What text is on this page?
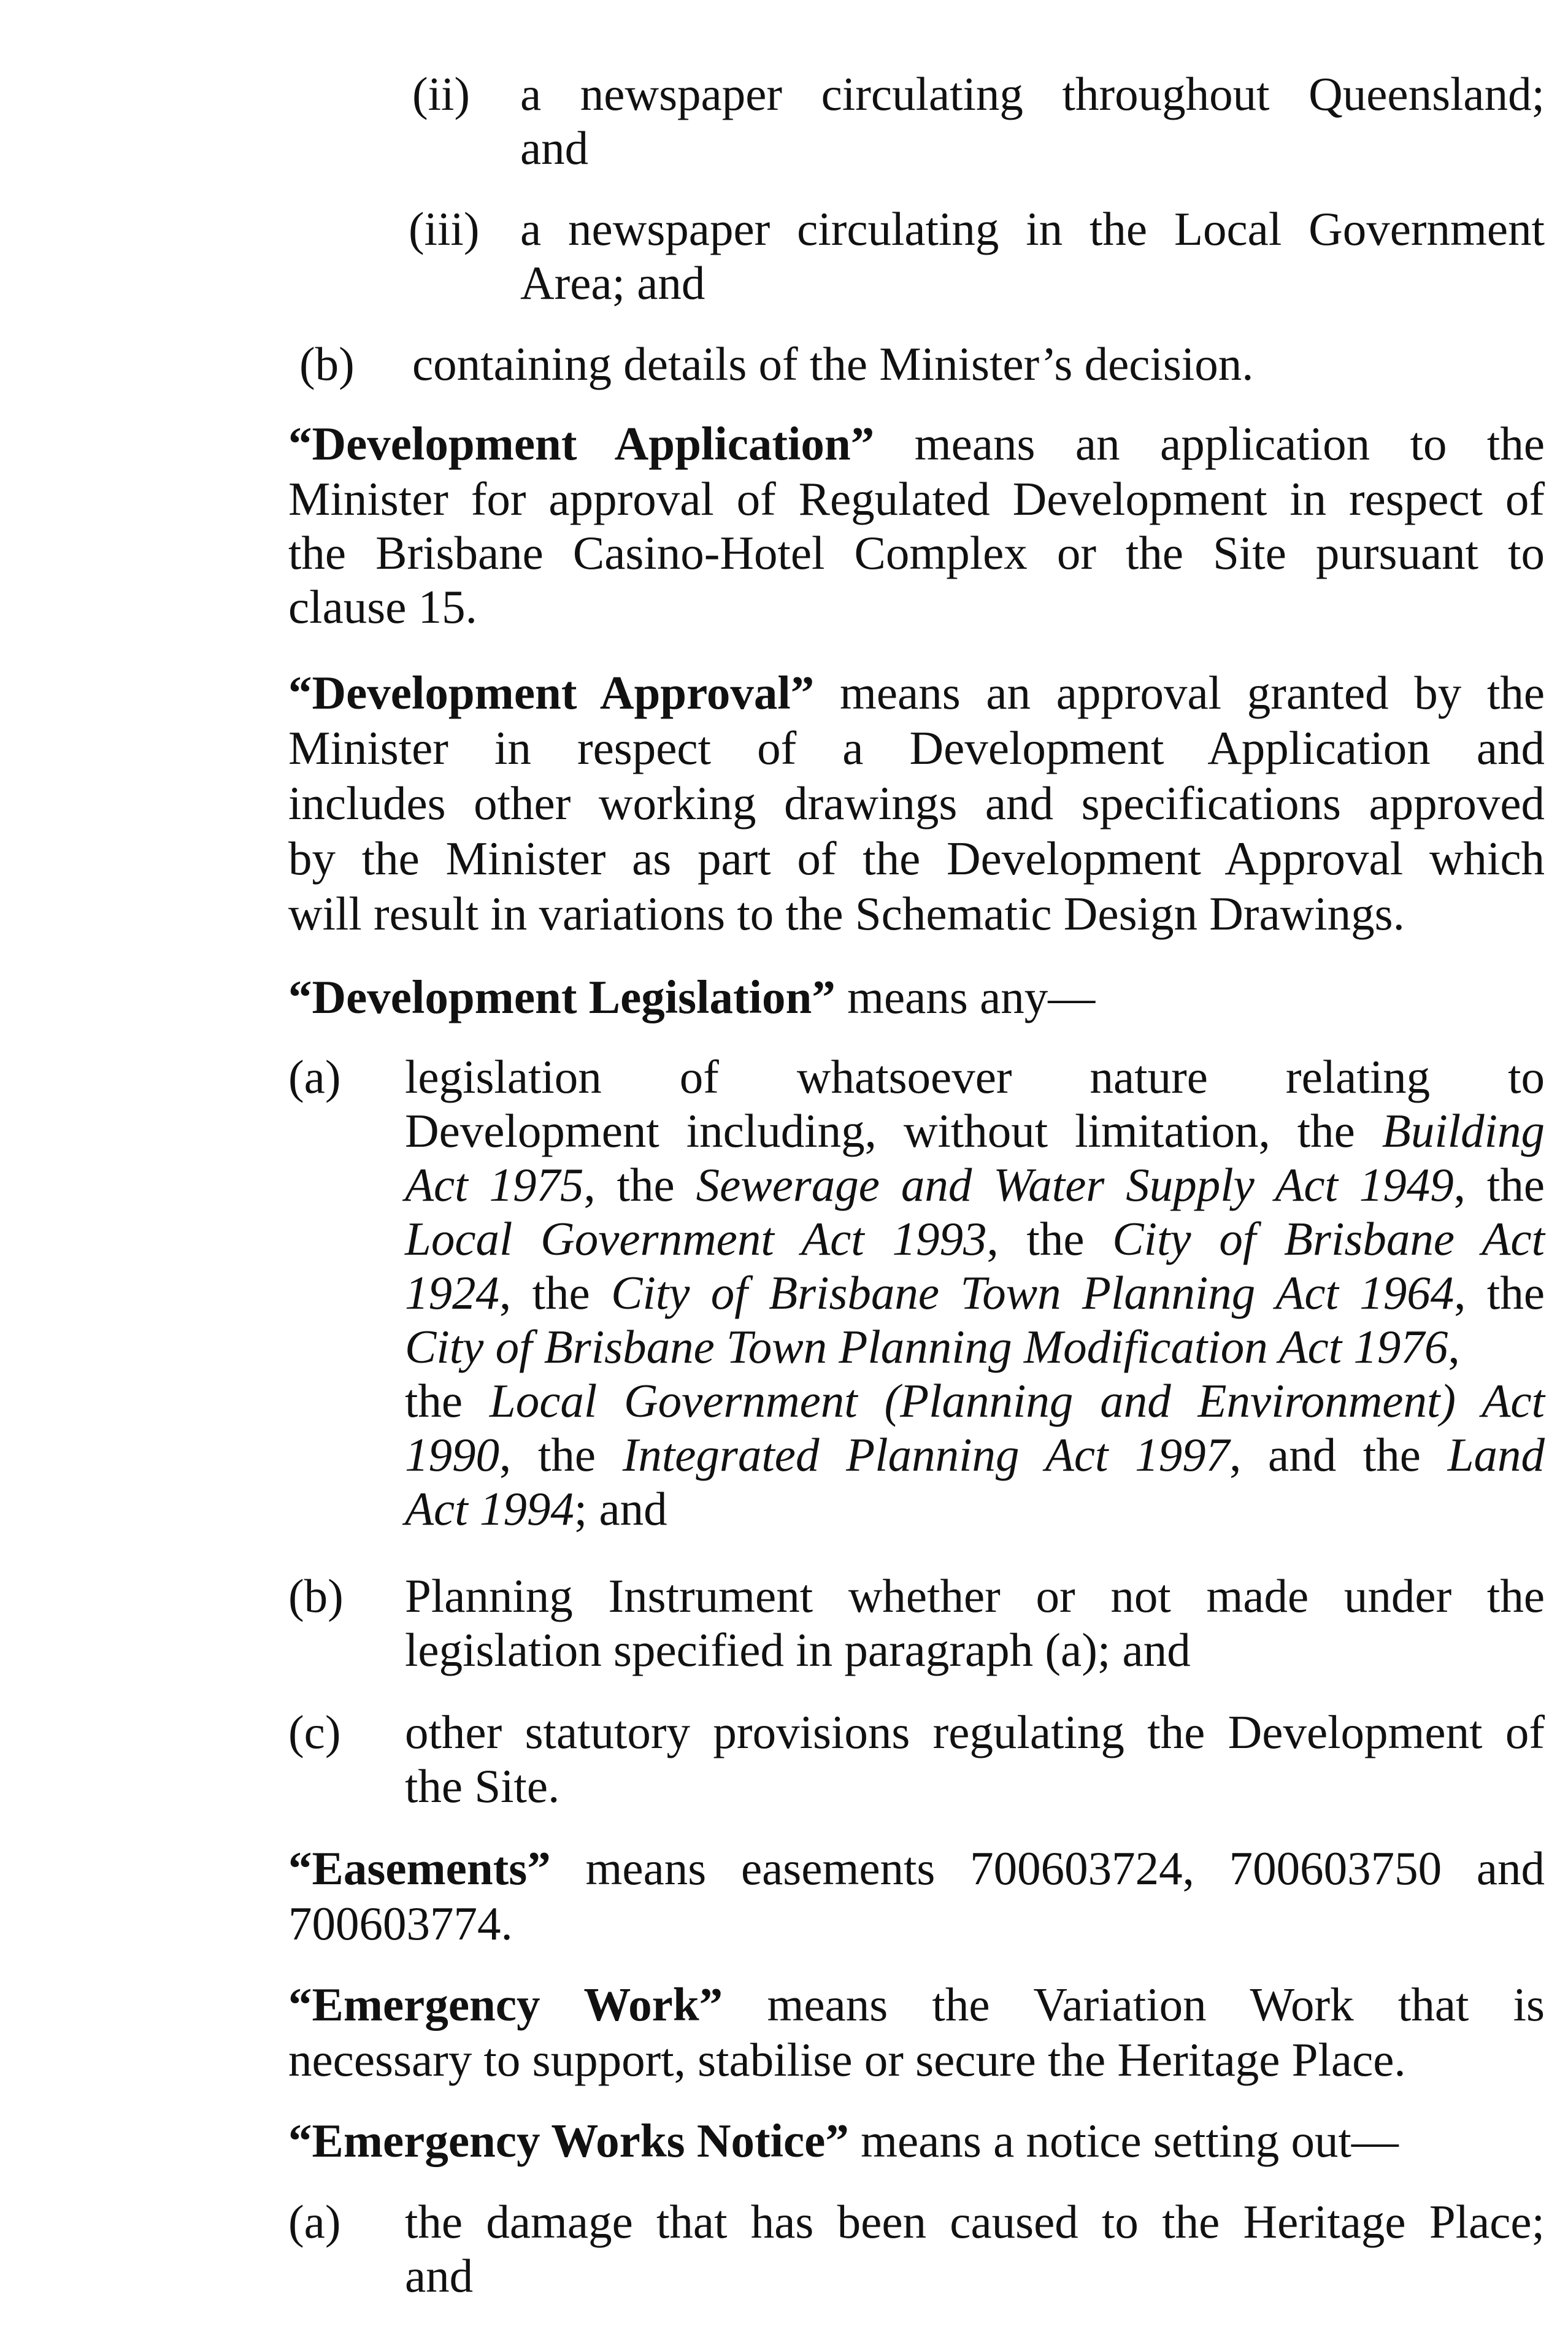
(ii) a newspaper circulating throughout Queensland;
and
(iii) a newspaper circulating in the Local Government
Area; and
(b) containing details of the Minister’s decision.
“Development Application” means an application to the
Minister for approval of Regulated Development in respect of
the Brisbane Casino-Hotel Complex or the Site pursuant to
clause 15.
“Development Approval” means an approval granted by the
Minister in respect of a Development Application and
includes other working drawings and specifications approved
by the Minister as part of the Development Approval which
will result in variations to the Schematic Design Drawings.
“Development Legislation” means any—
(a) legislation of whatsoever nature relating to
Development including, without limitation, the Building
Act 1975, the Sewerage and Water Supply Act 1949, the
Local Government Act 1993, the City of Brisbane Act
1924, the City of Brisbane Town Planning Act 1964, the
City of Brisbane Town Planning Modification Act 1976,
the Local Government (Planning and Environment) Act
1990, the Integrated Planning Act 1997, and the Land
Act 1994; and
(b) Planning Instrument whether or not made under the
legislation specified in paragraph (a); and
(c) other statutory provisions regulating the Development of
the Site.
“Easements” means easements 700603724, 700603750 and
700603774.
“Emergency Work” means the Variation Work that is
necessary to support, stabilise or secure the Heritage Place.
“Emergency Works Notice” means a notice setting out—
(a) the damage that has been caused to the Heritage Place;
and
